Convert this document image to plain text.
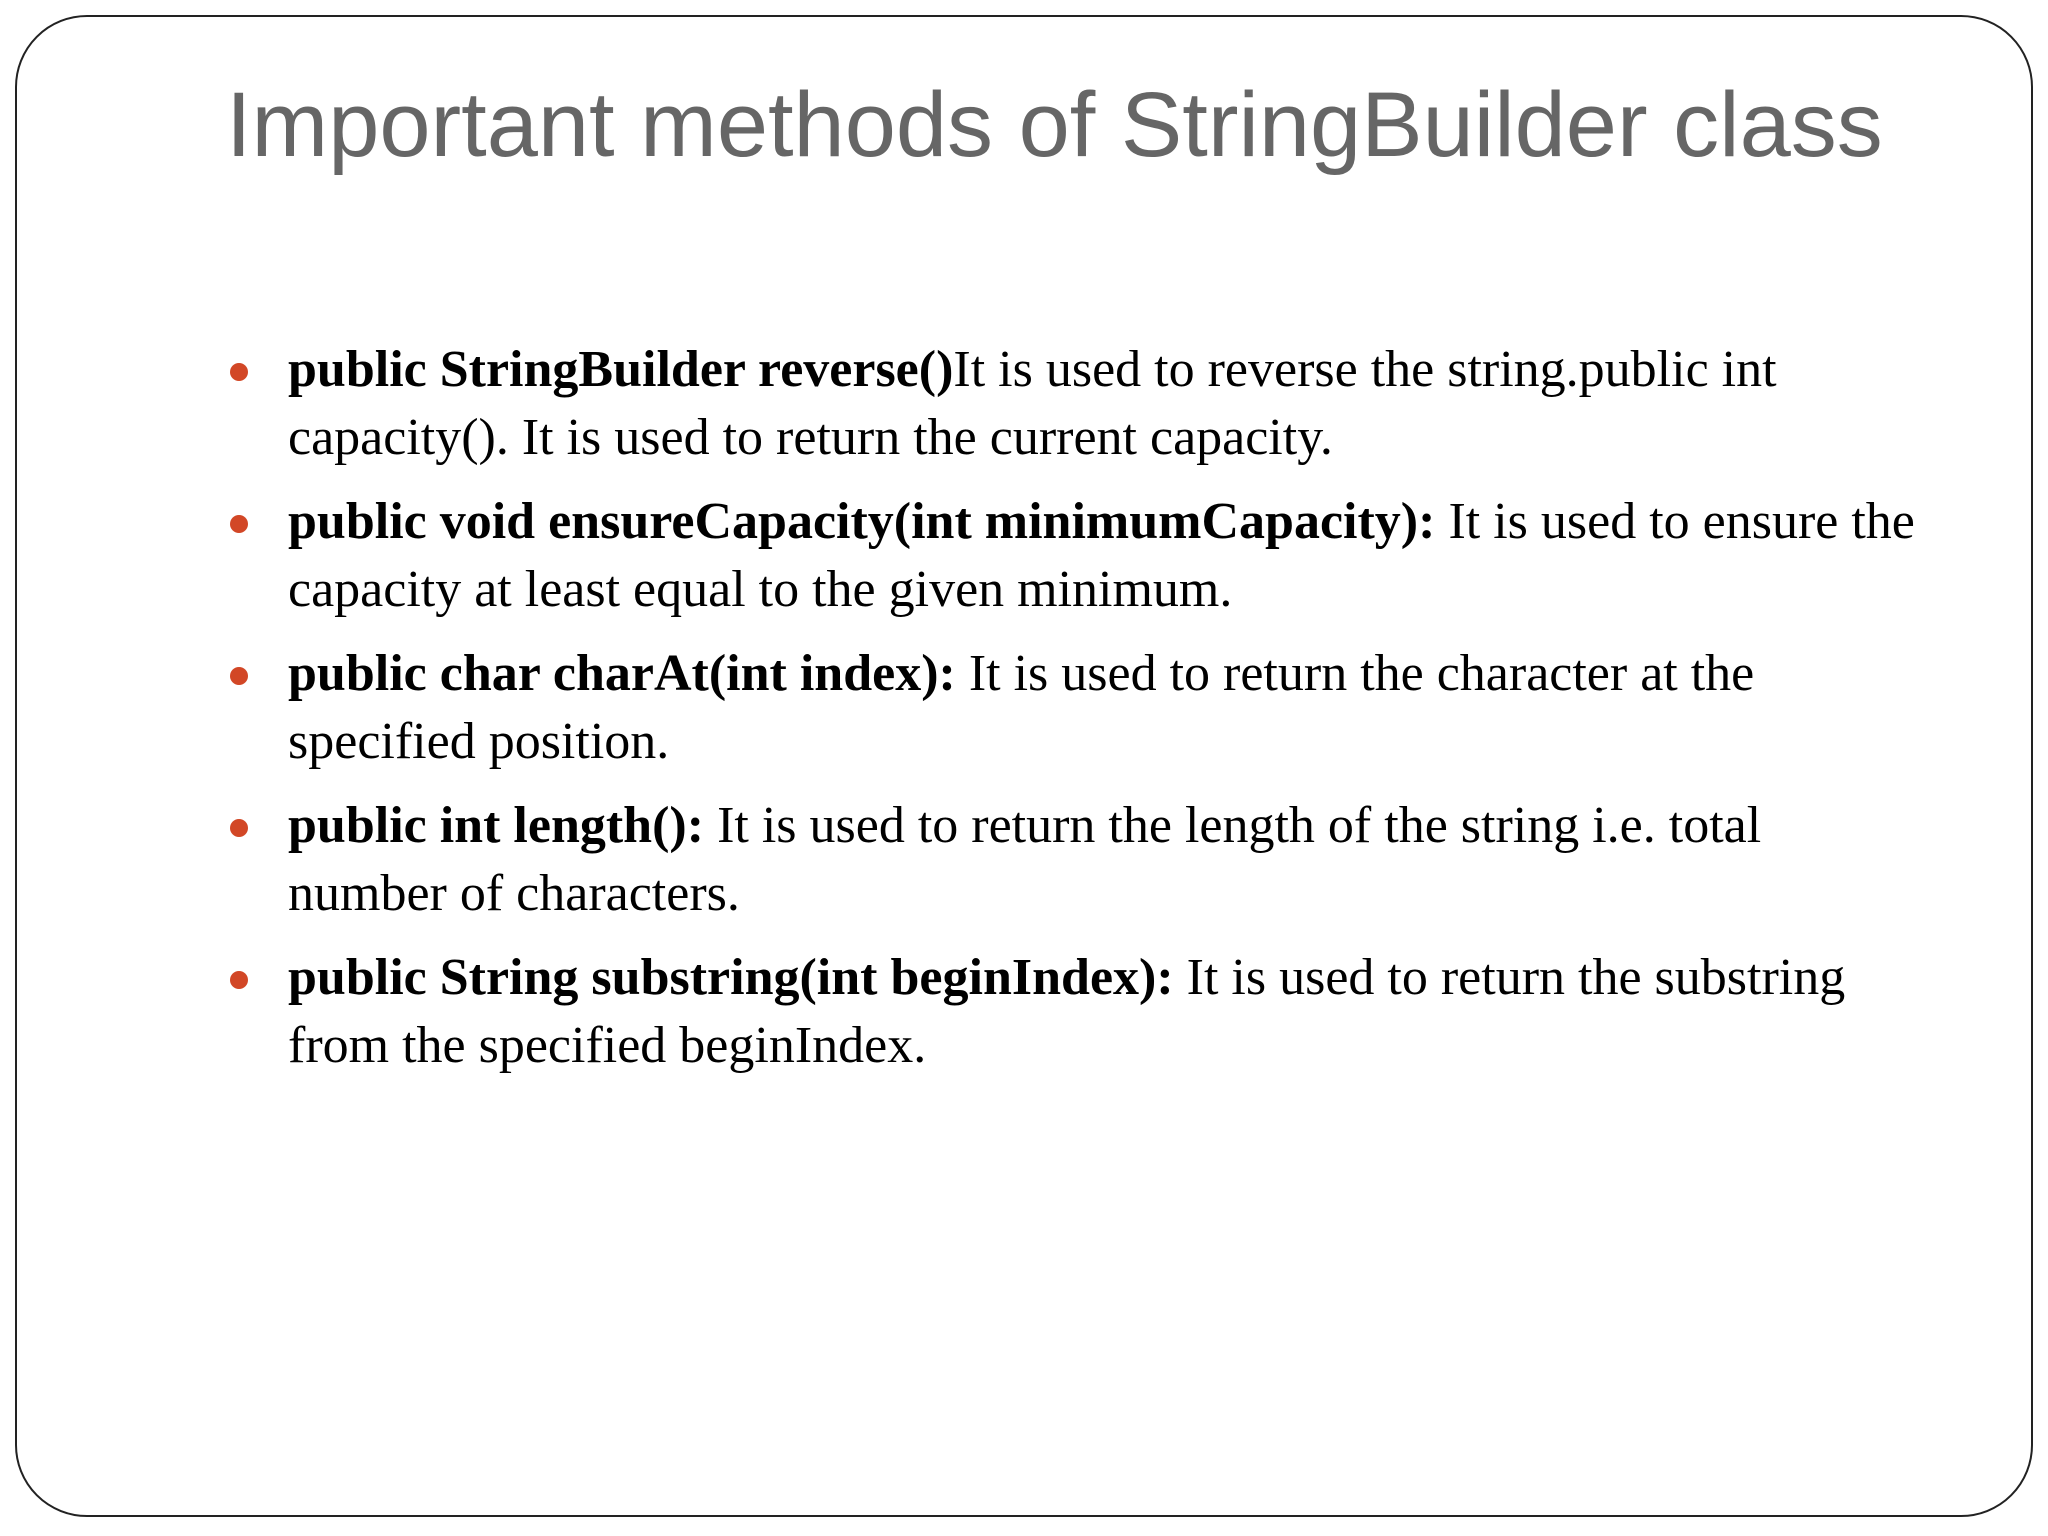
Important methods of StringBuilder class
public StringBuilder reverse()It is used to reverse the string.public int capacity(). It is used to return the current capacity.
public void ensureCapacity(int minimumCapacity): It is used to ensure the capacity at least equal to the given minimum.
public char charAt(int index): It is used to return the character at the specified position.
public int length(): It is used to return the length of the string i.e. total number of characters.
public String substring(int beginIndex): It is used to return the substring from the specified beginIndex.
